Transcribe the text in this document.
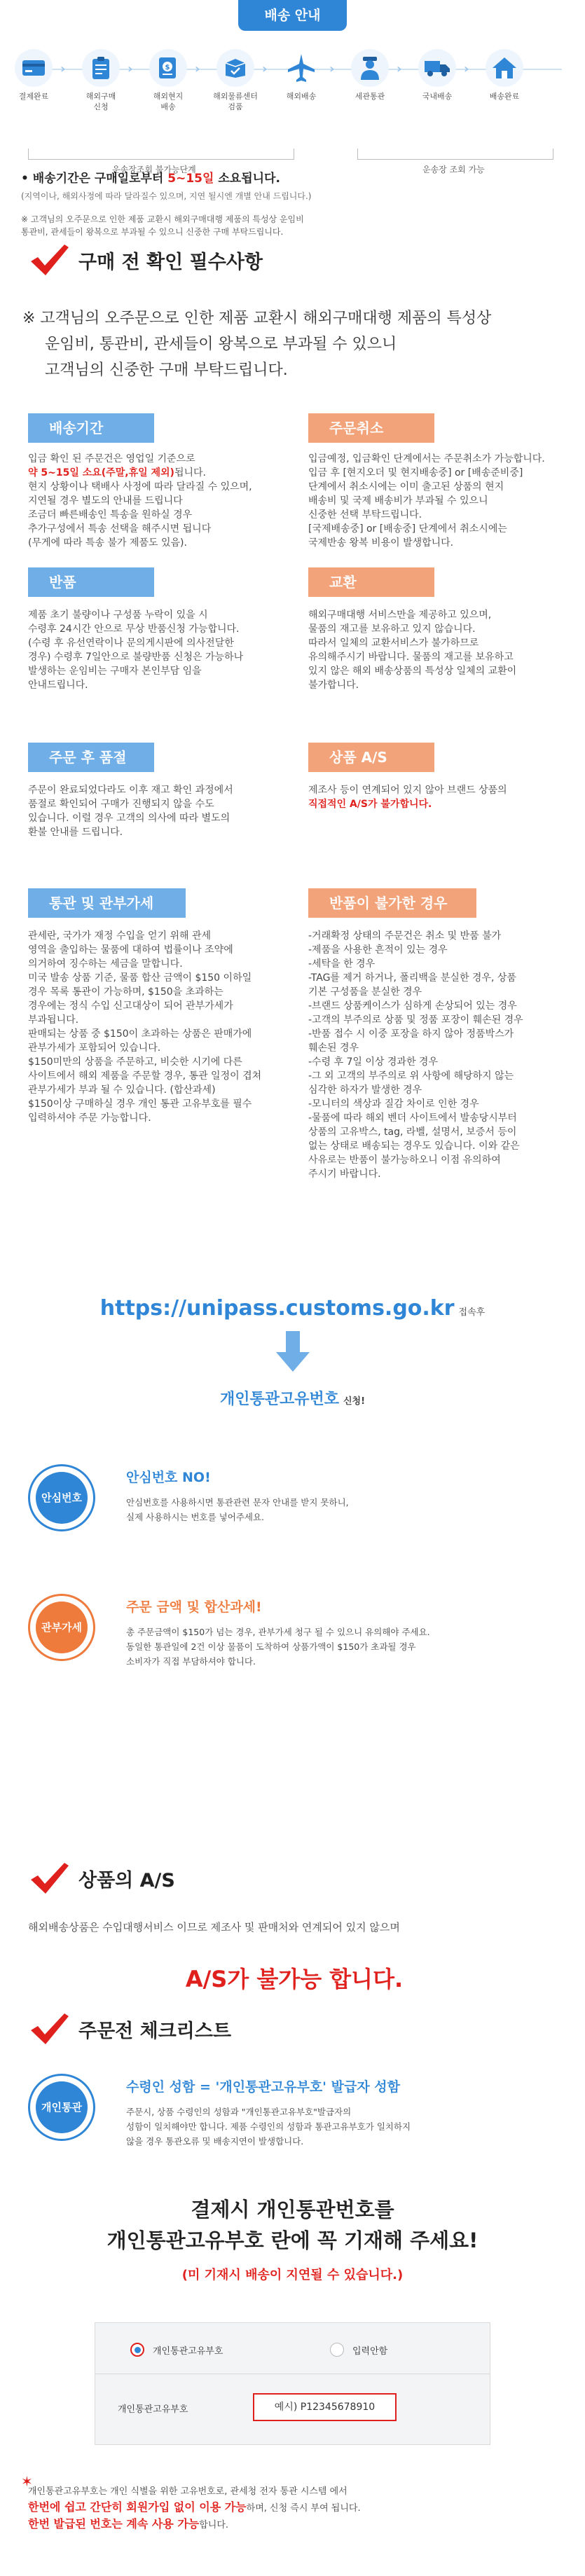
배송 안내
결제완료
›
해외구매
신청
›	$
해외현지
배송
›
해외물류센터
검품
›
해외배송
›
세관통관
›
국내배송
›
배송완료
운송장조회 불가능단계	운송장 조회 가능
• 배송기간은 구매일로부터 5~15일 소요됩니다.
(지역이나, 해외사정에 따라 달라질수 있으며, 지연 될시엔 개별 안내 드립니다.)
※ 고객님의 오주문으로 인한 제품 교환시 해외구매대행 제품의 특성상 운임비
통관비, 관세들이 왕복으로 부과될 수 있으니 신중한 구매 부탁드립니다.
구매 전 확인 필수사항
※ 고객님의 오주문으로 인한 제품 교환시 해외구매대행 제품의 특성상
운임비, 통관비, 관세들이 왕복으로 부과될 수 있으니
고객님의 신중한 구매 부탁드립니다.
배송기간
입금 확인 된 주문건은 영업일 기준으로
약 5~15일 소요(주말,휴일 제외)됩니다.
현지 상황이나 택배사 사정에 따라 달라질 수 있으며,
지연될 경우 별도의 안내를 드립니다
조금더 빠른배송인 특송을 원하실 경우
추가구성에서 특송 선택을 해주시면 됩니다
(무게에 따라 특송 불가 제품도 있음).
주문취소
입금예정, 입금확인 단계에서는 주문취소가 가능합니다.
입금 후 [현지오더 및 현지배송중] or [배송준비중]
단계에서 취소시에는 이미 출고된 상품의 현지
배송비 및 국제 배송비가 부과될 수 있으니
신중한 선택 부탁드립니다.
[국제배송중] or [배송중] 단계에서 취소시에는
국제반송 왕복 비용이 발생합니다.
반품
제품 초기 불량이나 구성품 누락이 있을 시
수령후 24시간 안으로 무상 반품신청 가능합니다.
(수령 후 유선연락이나 문의게시판에 의사전달한
경우) 수령후 7일안으로 불량반품 신청은 가능하나
발생하는 운임비는 구매자 본인부담 임을
안내드립니다.
교환
해외구매대행 서비스만을 제공하고 있으며,
물품의 재고를 보유하고 있지 않습니다.
따라서 일체의 교환서비스가 불가하므로
유의해주시기 바랍니다. 물품의 재고를 보유하고
있지 않은 해외 배송상품의 특성상 일체의 교환이
불가합니다.
주문 후 품절
주문이 완료되었다라도 이후 재고 확인 과정에서
품절로 확인되어 구매가 진행되지 않을 수도
있습니다. 이럴 경우 고객의 의사에 따라 별도의
환불 안내를 드립니다.
상품 A/S
제조사 등이 연계되어 있지 않아 브랜드 상품의
직접적인 A/S가 불가합니다.
통관 및 관부가세
관세란, 국가가 재정 수입을 얻기 위해 관세
영역을 출입하는 물품에 대하여 법률이나 조약에
의거하여 징수하는 세금을 말합니다.
미국 발송 상품 기준, 물품 합산 금액이 $150 이하일
경우 목록 통관이 가능하며, $150을 초과하는
경우에는 정식 수입 신고대상이 되어 관부가세가
부과됩니다.
판매되는 상품 중 $150이 초과하는 상품은 판매가에
관부가세가 포함되어 있습니다.
$150미만의 상품을 주문하고, 비슷한 시기에 다른
사이트에서 해외 제품을 주문할 경우, 통관 일정이 겹쳐
관부가세가 부과 될 수 있습니다. (합산과세)
$150이상 구매하실 경우 개인 통관 고유부호를 필수
입력하셔야 주문 가능합니다.
반품이 불가한 경우
-거래확정 상태의 주문건은 취소 및 반품 불가
-제품을 사용한 흔적이 있는 경우
-세탁을 한 경우
-TAG를 제거 하거나, 폴리백을 분실한 경우, 상품
기본 구성품을 분실한 경우
-브랜드 상품케이스가 심하게 손상되어 있는 경우
-고객의 부주의로 상품 및 정품 포장이 훼손된 경우
-반품 접수 시 이중 포장을 하지 않아 정품박스가
훼손된 경우
-수령 후 7일 이상 경과한 경우
-그 외 고객의 부주의로 위 사항에 해당하지 않는
심각한 하자가 발생한 경우
-모니터의 색상과 질감 차이로 인한 경우
-물품에 따라 해외 벤더 사이트에서 발송당시부터
상품의 고유박스, tag, 라벨, 설명서, 보증서 등이
없는 상태로 배송되는 경우도 있습니다. 이와 같은
사유로는 반품이 불가능하오니 이점 유의하여
주시기 바랍니다.
https://unipass.customs.go.kr 접속후
개인통관고유번호 신청!
안심번호
안심번호 NO!
안심번호를 사용하시면 통관관련 문자 안내를 받지 못하니,
실제 사용하시는 번호를 넣어주세요.
관부가세
주문 금액 및 합산과세!
총 주문금액이 $150가 넘는 경우, 관부가세 청구 될 수 있으니 유의해야 주세요.
동일한 통관일에 2건 이상 물품이 도착하여 상품가액이 $150가 초과될 경우
소비자가 직접 부담하셔야 합니다.
상품의 A/S
해외배송상품은 수입대행서비스 이므로 제조사 및 판매처와 연계되어 있지 않으며
A/S가 불가능 합니다.
주문전 체크리스트
개인통관
수령인 성함 = '개인통관고유부호' 발급자 성함
주문시, 상품 수령인의 성함과 "개인통관고유부호"발급자의
성함이 일치해야만 합니다. 제품 수령인의 성함과 통관고유부호가 일치하지
않을 경우 통관오류 및 배송지연이 발생합니다.
결제시 개인통관번호를
개인통관고유부호 란에 꼭 기재해 주세요!
(미 기재시 배송이 지연될 수 있습니다.)
개인통관고유부호	입력안함
개인통관고유부호	예시) P12345678910
✶
개인통관고유부호는 개인 식별을 위한 고유번호로, 관세청 전자 통관 시스템 에서
한번에 쉽고 간단히 회원가입 없이 이용 가능하며, 신청 즉시 부여 됩니다.
한번 발급된 번호는 계속 사용 가능합니다.
